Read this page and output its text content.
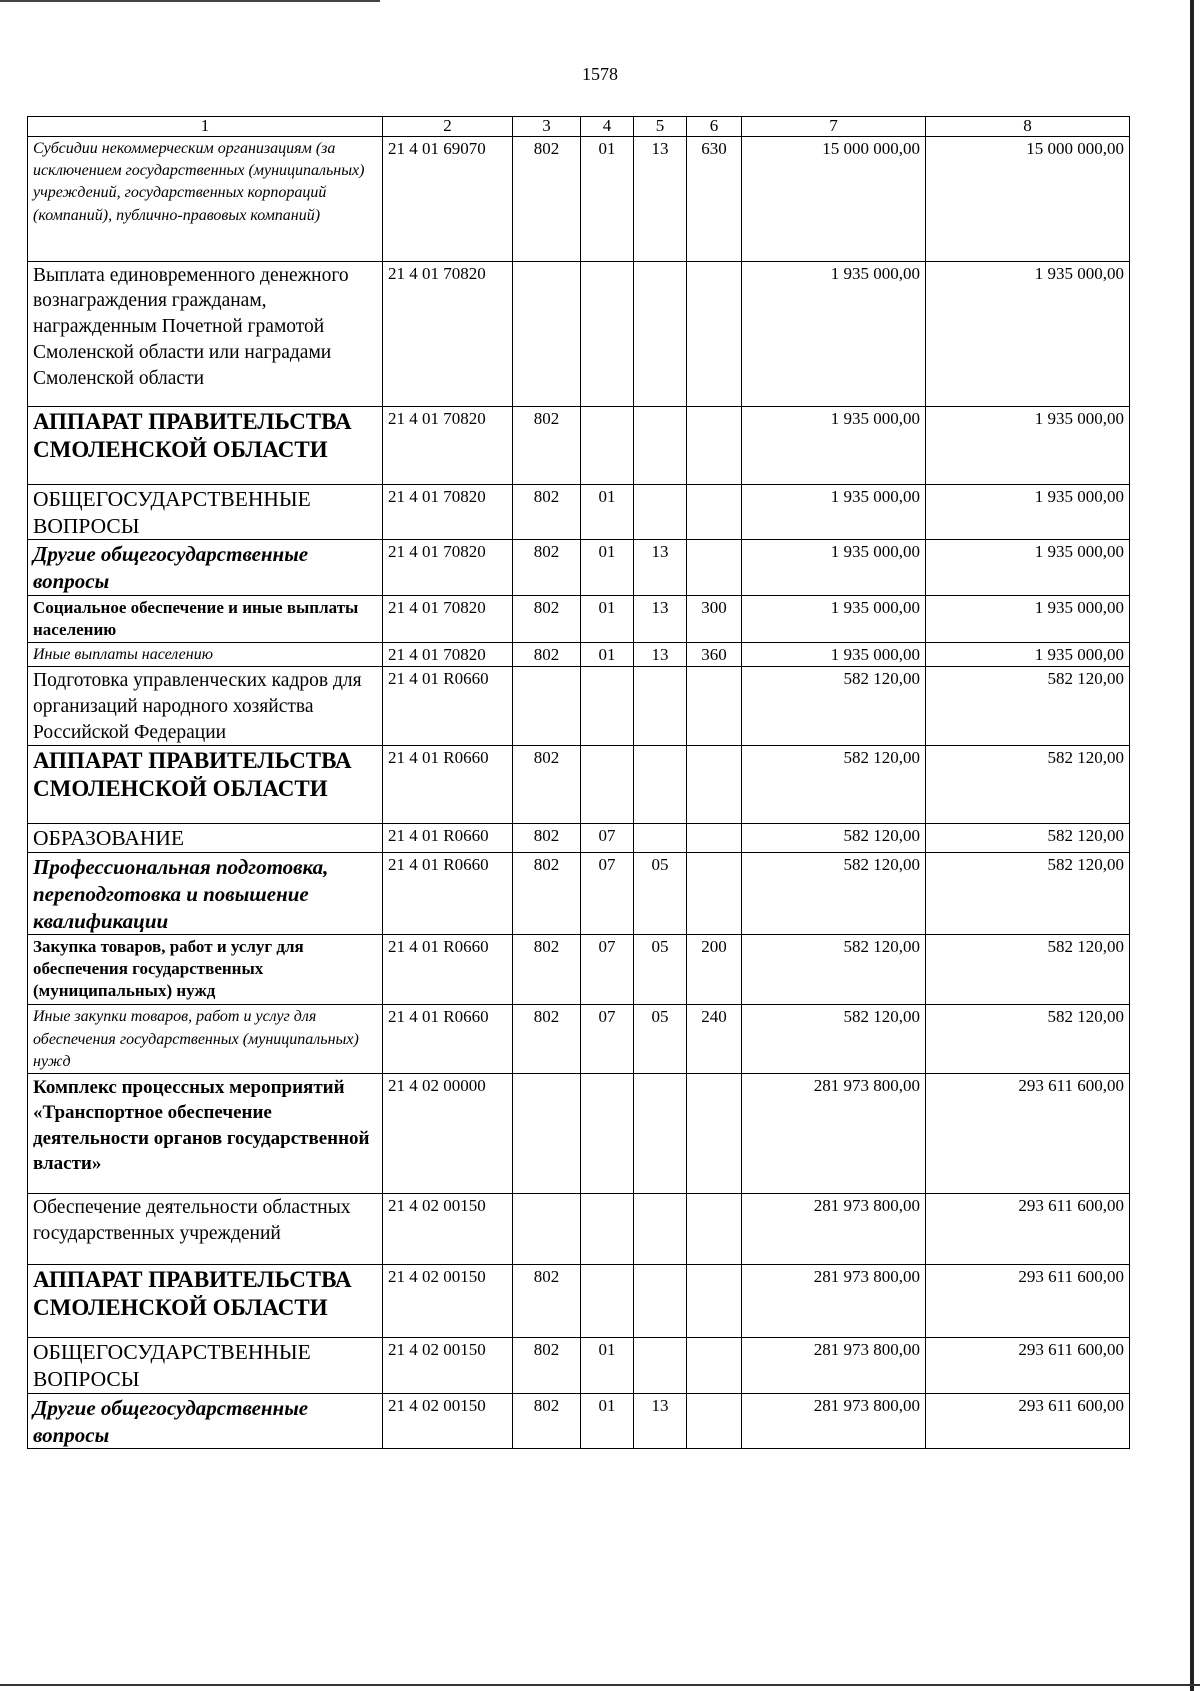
1578
1	2	3	4	5	6	7	8
Субсидии некоммерческим организациям (за исключением государственных (муниципальных) учреждений, государственных корпораций (компаний), публично-правовых компаний)	21 4 01 69070	802	01	13	630	15 000 000,00	15 000 000,00
Выплата единовременного денежного вознаграждения гражданам, награжденным Почетной грамотой Смоленской области или наградами Смоленской области	21 4 01 70820					1 935 000,00	1 935 000,00
АППАРАТ ПРАВИТЕЛЬСТВА СМОЛЕНСКОЙ ОБЛАСТИ	21 4 01 70820	802				1 935 000,00	1 935 000,00
ОБЩЕГОСУДАРСТВЕННЫЕ ВОПРОСЫ	21 4 01 70820	802	01			1 935 000,00	1 935 000,00
Другие общегосударственные вопросы	21 4 01 70820	802	01	13		1 935 000,00	1 935 000,00
Социальное обеспечение и иные выплаты населению	21 4 01 70820	802	01	13	300	1 935 000,00	1 935 000,00
Иные выплаты населению	21 4 01 70820	802	01	13	360	1 935 000,00	1 935 000,00
Подготовка управленческих кадров для организаций народного хозяйства Российской Федерации	21 4 01 R0660					582 120,00	582 120,00
АППАРАТ ПРАВИТЕЛЬСТВА СМОЛЕНСКОЙ ОБЛАСТИ	21 4 01 R0660	802				582 120,00	582 120,00
ОБРАЗОВАНИЕ	21 4 01 R0660	802	07			582 120,00	582 120,00
Профессиональная подготовка, переподготовка и повышение квалификации	21 4 01 R0660	802	07	05		582 120,00	582 120,00
Закупка товаров, работ и услуг для обеспечения государственных (муниципальных) нужд	21 4 01 R0660	802	07	05	200	582 120,00	582 120,00
Иные закупки товаров, работ и услуг для обеспечения государственных (муниципальных) нужд	21 4 01 R0660	802	07	05	240	582 120,00	582 120,00
Комплекс процессных мероприятий «Транспортное обеспечение деятельности органов государственной власти»	21 4 02 00000					281 973 800,00	293 611 600,00
Обеспечение деятельности областных государственных учреждений	21 4 02 00150					281 973 800,00	293 611 600,00
АППАРАТ ПРАВИТЕЛЬСТВА СМОЛЕНСКОЙ ОБЛАСТИ	21 4 02 00150	802				281 973 800,00	293 611 600,00
ОБЩЕГОСУДАРСТВЕННЫЕ ВОПРОСЫ	21 4 02 00150	802	01			281 973 800,00	293 611 600,00
Другие общегосударственные вопросы	21 4 02 00150	802	01	13		281 973 800,00	293 611 600,00
